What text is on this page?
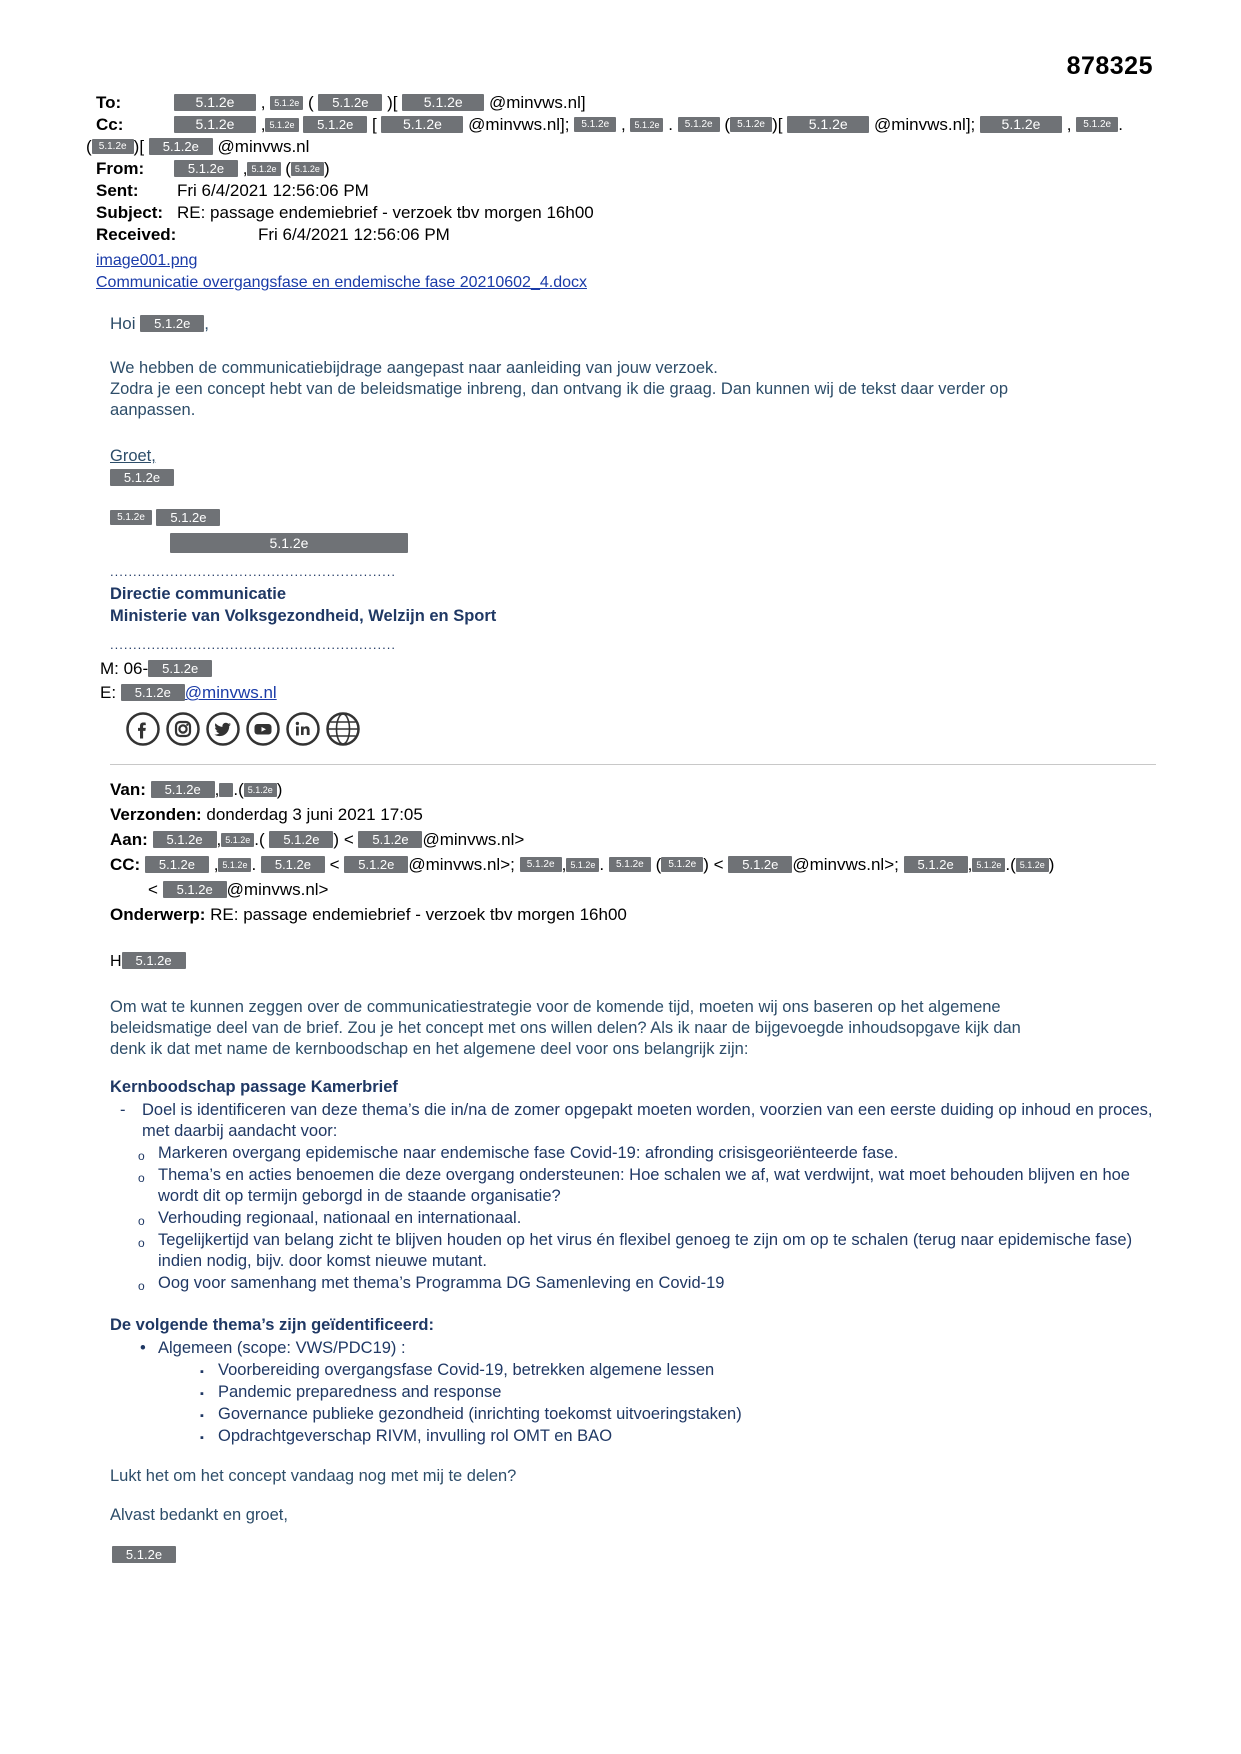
878325
To:	5.1.2e , 5.1.2e ( 5.1.2e )[ 5.1.2e @minvws.nl]
Cc:	5.1.2e , 5.1.2e 5.1.2e [ 5.1.2e @minvws.nl]; 5.1.2e , 5.1.2e . 5.1.2e ( 5.1.2e )[ 5.1.2e @minvws.nl]; 5.1.2e , 5.1.2e .
( 5.1.2e )[ 5.1.2e @minvws.nl
From:	5.1.2e , 5.1.2e ( 5.1.2e )
Sent:	Fri 6/4/2021 12:56:06 PM
Subject: RE: passage endemiebrief - verzoek tbv morgen 16h00
Received:	Fri 6/4/2021 12:56:06 PM
image001.png
Communicatie overgangsfase en endemische fase 20210602_4.docx
Hoi 5.1.2e ,
We hebben de communicatiebijdrage aangepast naar aanleiding van jouw verzoek.
Zodra je een concept hebt van de beleidsmatige inbreng, dan ontvang ik die graag. Dan kunnen wij de tekst daar verder op
aanpassen.
Groet,
5.1.2e
5.1.2e 5.1.2e
5.1.2e
..............................................................
Directie communicatie
Ministerie van Volksgezondheid, Welzijn en Sport
..............................................................
M: 06- 5.1.2e
E: 5.1.2e @minvws.nl
Van: 5.1.2e , .( 5.1.2e )
Verzonden: donderdag 3 juni 2021 17:05
Aan: 5.1.2e , 5.1.2e .( 5.1.2e ) < 5.1.2e @minvws.nl>
CC: 5.1.2e , 5.1.2e . 5.1.2e < 5.1.2e @minvws.nl>; 5.1.2e , 5.1.2e . 5.1.2e ( 5.1.2e ) < 5.1.2e @minvws.nl>; 5.1.2e , 5.1.2e .( 5.1.2e )
< 5.1.2e @minvws.nl>
Onderwerp: RE: passage endemiebrief - verzoek tbv morgen 16h00
H 5.1.2e
Om wat te kunnen zeggen over de communicatiestrategie voor de komende tijd, moeten wij ons baseren op het algemene
beleidsmatige deel van de brief. Zou je het concept met ons willen delen? Als ik naar de bijgevoegde inhoudsopgave kijk dan
denk ik dat met name de kernboodschap en het algemene deel voor ons belangrijk zijn:
Kernboodschap passage Kamerbrief
- Doel is identificeren van deze thema’s die in/na de zomer opgepakt moeten worden, voorzien van een eerste duiding op inhoud en proces, met daarbij aandacht voor:
o Markeren overgang epidemische naar endemische fase Covid-19: afronding crisisgeoriënteerde fase.
o Thema’s en acties benoemen die deze overgang ondersteunen: Hoe schalen we af, wat verdwijnt, wat moet behouden blijven en hoe wordt dit op termijn geborgd in de staande organisatie?
o Verhouding regionaal, nationaal en internationaal.
o Tegelijkertijd van belang zicht te blijven houden op het virus én flexibel genoeg te zijn om op te schalen (terug naar epidemische fase) indien nodig, bijv. door komst nieuwe mutant.
o Oog voor samenhang met thema’s Programma DG Samenleving en Covid-19
De volgende thema’s zijn geïdentificeerd:
• Algemeen (scope: VWS/PDC19) :
▪ Voorbereiding overgangsfase Covid-19, betrekken algemene lessen
▪ Pandemic preparedness and response
▪ Governance publieke gezondheid (inrichting toekomst uitvoeringstaken)
▪ Opdrachtgeverschap RIVM, invulling rol OMT en BAO
Lukt het om het concept vandaag nog met mij te delen?
Alvast bedankt en groet,
5.1.2e
